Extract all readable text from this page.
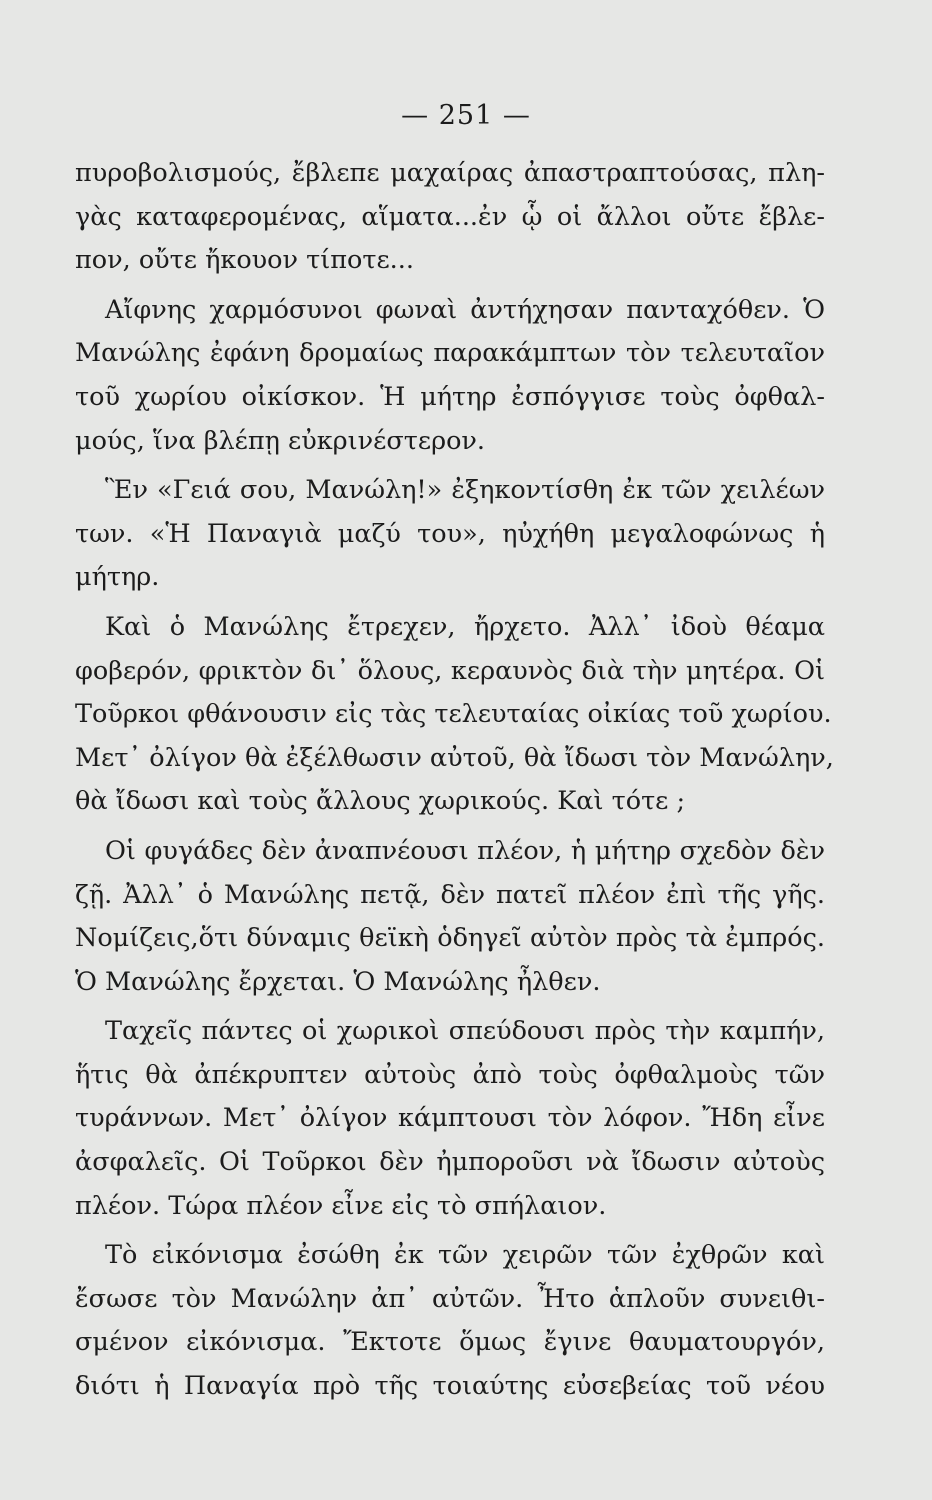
— 251 —
πυροβολισμούς, ἔβλεπε μαχαίρας ἀπαστραπτούσας, πλη-
γὰς καταφερομένας, αἵματα...ἐν ᾧ οἱ ἄλλοι οὔτε ἔβλε-
πον, οὔτε ἤκουον τίποτε...
Αἴφνης χαρμόσυνοι φωναὶ ἀντήχησαν πανταχόθεν. Ὁ
Μανώλης ἐφάνη δρομαίως παρακάμπτων τὸν τελευταῖον
τοῦ χωρίου οἰκίσκον. Ἡ μήτηρ ἐσπόγγισε τοὺς ὀφθαλ-
μούς, ἵνα βλέπῃ εὐκρινέστερον.
Ἓν «Γειά σου, Μανώλη!» ἐξηκοντίσθη ἐκ τῶν χειλέων
των. «Ἡ Παναγιὰ μαζύ του», ηὐχήθη μεγαλοφώνως ἡ
μήτηρ.
Καὶ ὁ Μανώλης ἔτρεχεν, ἤρχετο. Ἀλλ᾽ ἰδοὺ θέαμα
φοβερόν, φρικτὸν δι᾽ ὅλους, κεραυνὸς διὰ τὴν μητέρα. Οἱ
Τοῦρκοι φθάνουσιν εἰς τὰς τελευταίας οἰκίας τοῦ χωρίου.
Μετ᾽ ὀλίγον θὰ ἐξέλθωσιν αὐτοῦ, θὰ ἴδωσι τὸν Μανώλην,
θὰ ἴδωσι καὶ τοὺς ἄλλους χωρικούς. Καὶ τότε ;
Οἱ φυγάδες δὲν ἀναπνέουσι πλέον, ἡ μήτηρ σχεδὸν δὲν
ζῇ. Ἀλλ᾽ ὁ Μανώλης πετᾷ, δὲν πατεῖ πλέον ἐπὶ τῆς γῆς.
Νομίζεις,ὅτι δύναμις θεϊκὴ ὁδηγεῖ αὐτὸν πρὸς τὰ ἐμπρός.
Ὁ Μανώλης ἔρχεται. Ὁ Μανώλης ἦλθεν.
Ταχεῖς πάντες οἱ χωρικοὶ σπεύδουσι πρὸς τὴν καμπήν,
ἥτις θὰ ἀπέκρυπτεν αὐτοὺς ἀπὸ τοὺς ὀφθαλμοὺς τῶν
τυράννων. Μετ᾽ ὀλίγον κάμπτουσι τὸν λόφον. Ἤδη εἶνε
ἀσφαλεῖς. Οἱ Τοῦρκοι δὲν ἠμποροῦσι νὰ ἴδωσιν αὐτοὺς
πλέον. Τώρα πλέον εἶνε εἰς τὸ σπήλαιον.
Τὸ εἰκόνισμα ἐσώθη ἐκ τῶν χειρῶν τῶν ἐχθρῶν καὶ
ἔσωσε τὸν Μανώλην ἀπ᾽ αὐτῶν. Ἦτο ἁπλοῦν συνειθι-
σμένον εἰκόνισμα. Ἔκτοτε ὅμως ἔγινε θαυματουργόν,
διότι ἡ Παναγία πρὸ τῆς τοιαύτης εὐσεβείας τοῦ νέου
